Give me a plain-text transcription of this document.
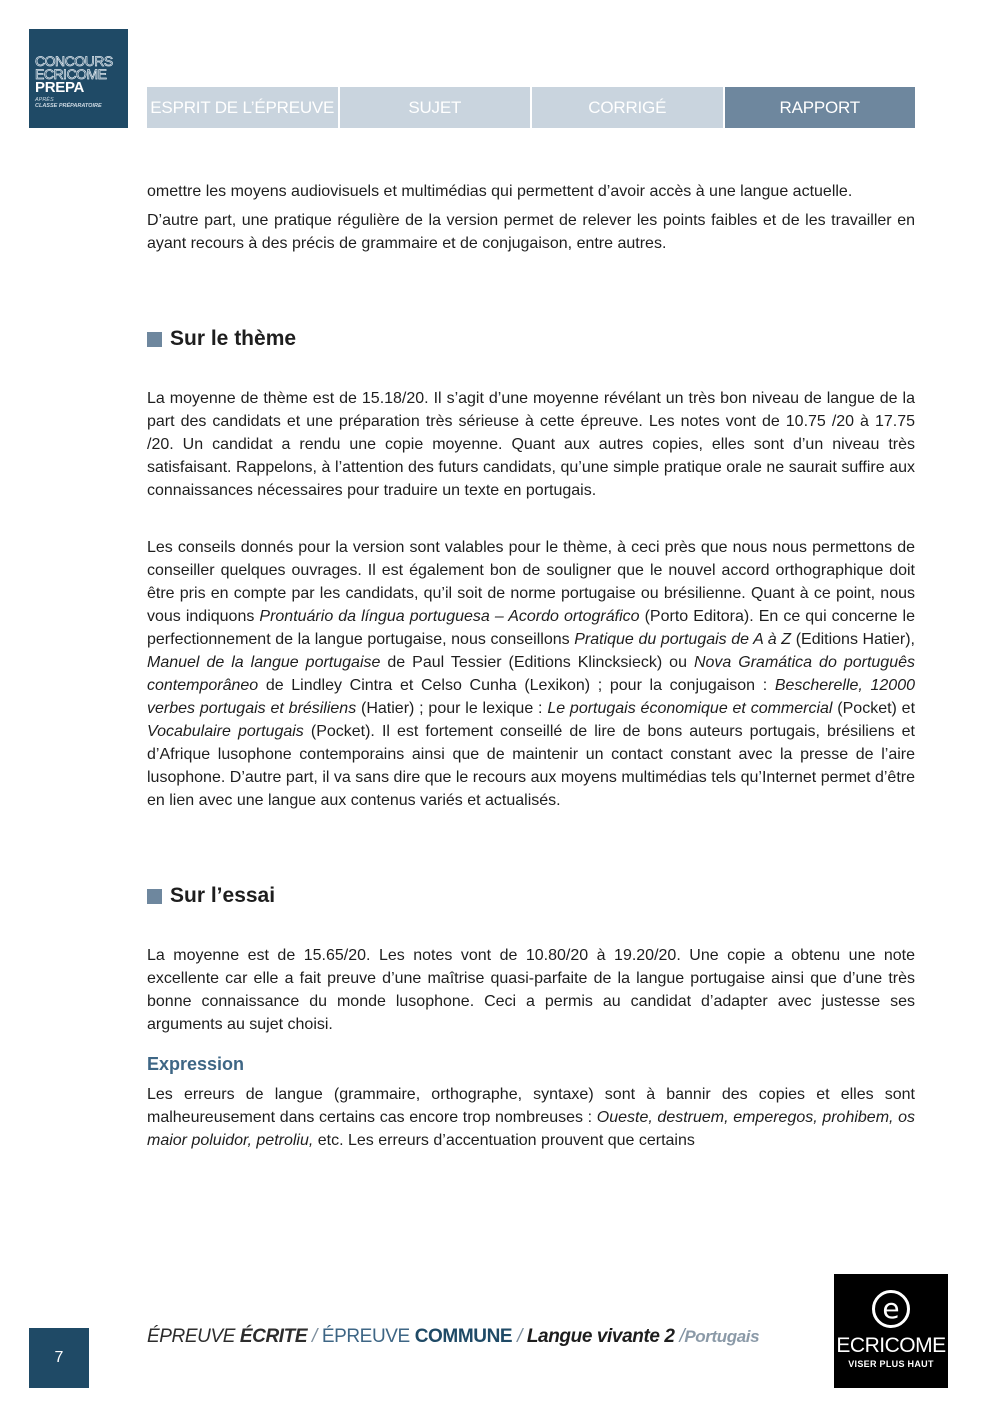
CONCOURS
ECRICOME
PREPA
APRÈS
CLASSE PRÉPARATOIRE	ESPRIT DE L’ÉPREUVE	SUJET	CORRIGÉ	RAPPORT

omettre les moyens audiovisuels et multimédias qui permettent d’avoir accès à une langue actuelle.

D’autre part, une pratique régulière de la version permet de relever les points faibles et de les travailler en ayant recours à des précis de grammaire et de conjugaison, entre autres.

Sur le thème

La moyenne de thème est de 15.18/20. Il s’agit d’une moyenne révélant un très bon niveau de langue de la part des candidats et une préparation très sérieuse à cette épreuve. Les notes vont de 10.75 /20 à 17.75 /20. Un candidat a rendu une copie moyenne. Quant aux autres copies, elles sont d’un niveau très satisfaisant. Rappelons, à l’attention des futurs candidats, qu’une simple pratique orale ne saurait suffire aux connaissances nécessaires pour traduire un texte en portugais.

Les conseils donnés pour la version sont valables pour le thème, à ceci près que nous nous permettons de conseiller quelques ouvrages. Il est également bon de souligner que le nouvel accord orthographique doit être pris en compte par les candidats, qu’il soit de norme portugaise ou brésilienne. Quant à ce point, nous vous indiquons Prontuário da língua portuguesa – Acordo ortográfico (Porto Editora). En ce qui concerne le perfectionnement de la langue portugaise, nous conseillons Pratique du portugais de A à Z (Editions Hatier), Manuel de la langue portugaise de Paul Tessier (Editions Klincksieck) ou Nova Gramática do português contemporâneo de Lindley Cintra et Celso Cunha (Lexikon) ; pour la conjugaison : Bescherelle, 12000 verbes portugais et brésiliens (Hatier) ; pour le lexique : Le portugais économique et commercial (Pocket) et Vocabulaire portugais (Pocket). Il est fortement conseillé de lire de bons auteurs portugais, brésiliens et d’Afrique lusophone contemporains ainsi que de maintenir un contact constant avec la presse de l’aire lusophone. D’autre part, il va sans dire que le recours aux moyens multimédias tels qu’Internet permet d’être en lien avec une langue aux contenus variés et actualisés.

Sur l’essai

La moyenne est de 15.65/20. Les notes vont de 10.80/20 à 19.20/20. Une copie a obtenu une note excellente car elle a fait preuve d’une maîtrise quasi-parfaite de la langue portugaise ainsi que d’une très bonne connaissance du monde lusophone. Ceci a permis au candidat d’adapter avec justesse ses arguments au sujet choisi.

Expression

Les erreurs de langue (grammaire, orthographe, syntaxe) sont à bannir des copies et elles sont malheureusement dans certains cas encore trop nombreuses : Oueste, destruem, emperegos, prohibem, os maior poluidor, petroliu, etc. Les erreurs d’accentuation prouvent que certains

7
ÉPREUVE ÉCRITE / ÉPREUVE COMMUNE / Langue vivante 2 /Portugais
e
ECRICOME
VISER PLUS HAUT
